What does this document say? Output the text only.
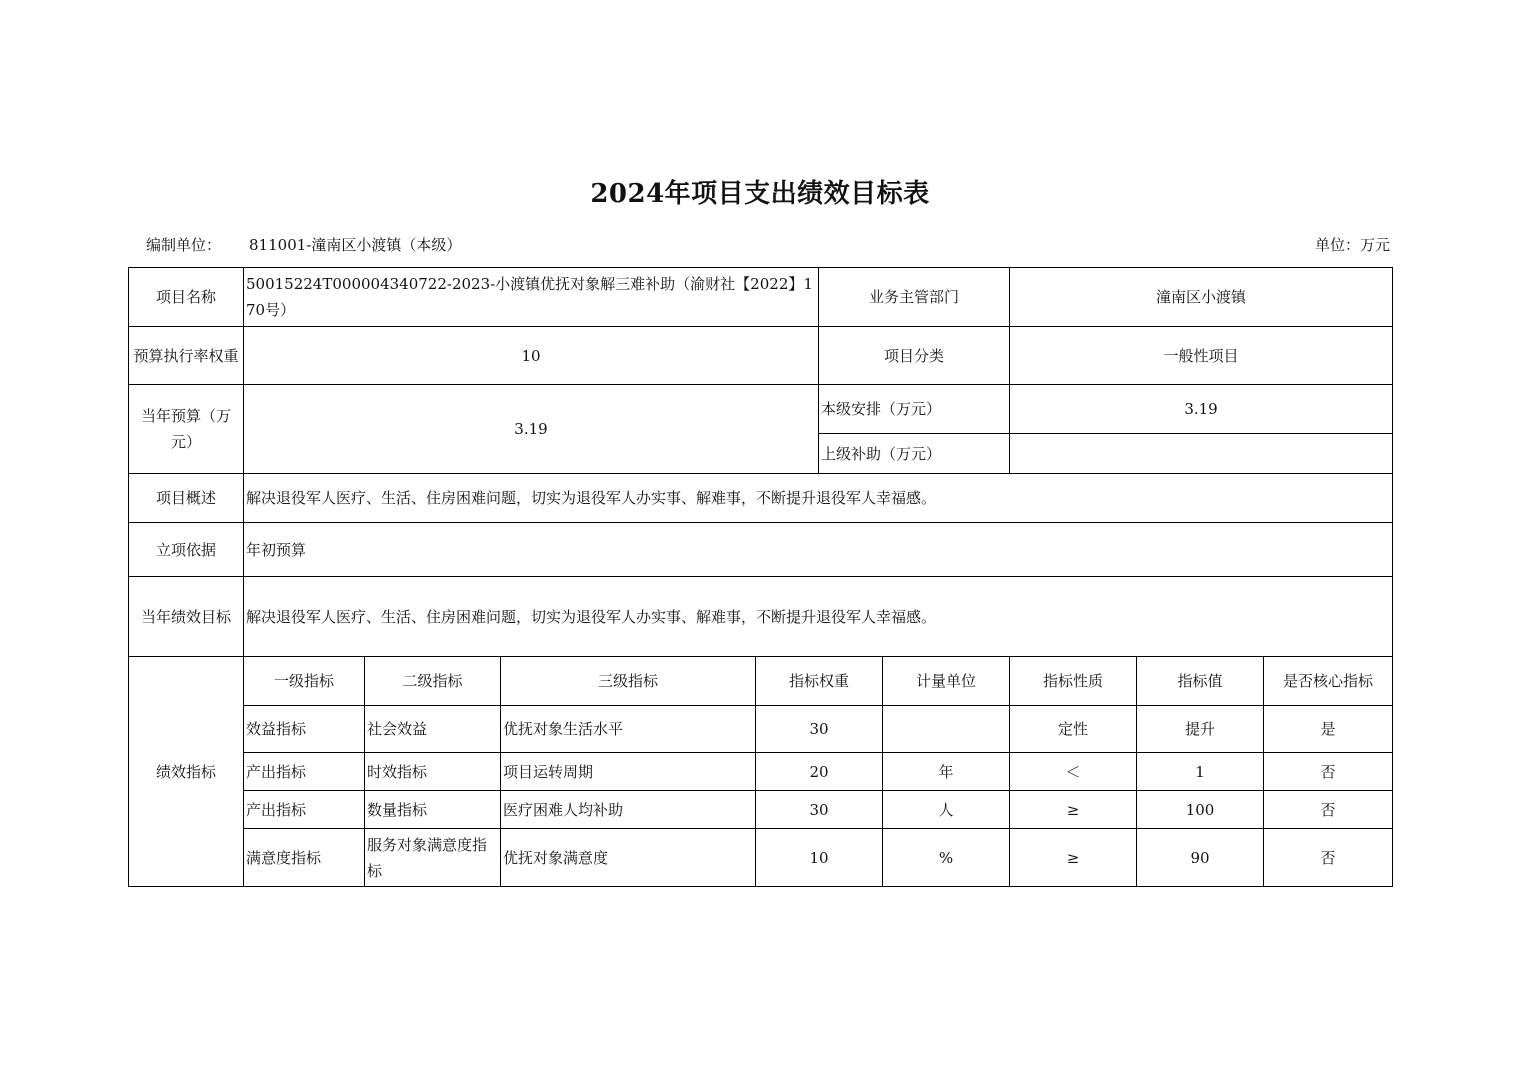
2024年项目支出绩效目标表
编制单位： 811001-潼南区小渡镇（本级）	单位：万元
项目名称	50015224T000004340722-2023-小渡镇优抚对象解三难补助（渝财社【2022】170号）				业务主管部门		潼南区小渡镇		
预算执行率权重	10				项目分类		一般性项目		
当年预算（万元）	3.19				本级安排（万元）		3.19		
					上级补助（万元）				
项目概述	解决退役军人医疗、生活、住房困难问题，切实为退役军人办实事、解难事，不断提升退役军人幸福感。								
立项依据	年初预算								
当年绩效目标	解决退役军人医疗、生活、住房困难问题，切实为退役军人办实事、解难事，不断提升退役军人幸福感。								
绩效指标	一级指标	二级指标	三级指标	指标权重		计量单位	指标性质	指标值	是否核心指标
	效益指标	社会效益	优抚对象生活水平	30			定性	提升	是
	产出指标	时效指标	项目运转周期	20		年	＜	1	否
	产出指标	数量指标	医疗困难人均补助	30		人	≥	100	否
	满意度指标	服务对象满意度指标	优抚对象满意度	10		%	≥	90	否
